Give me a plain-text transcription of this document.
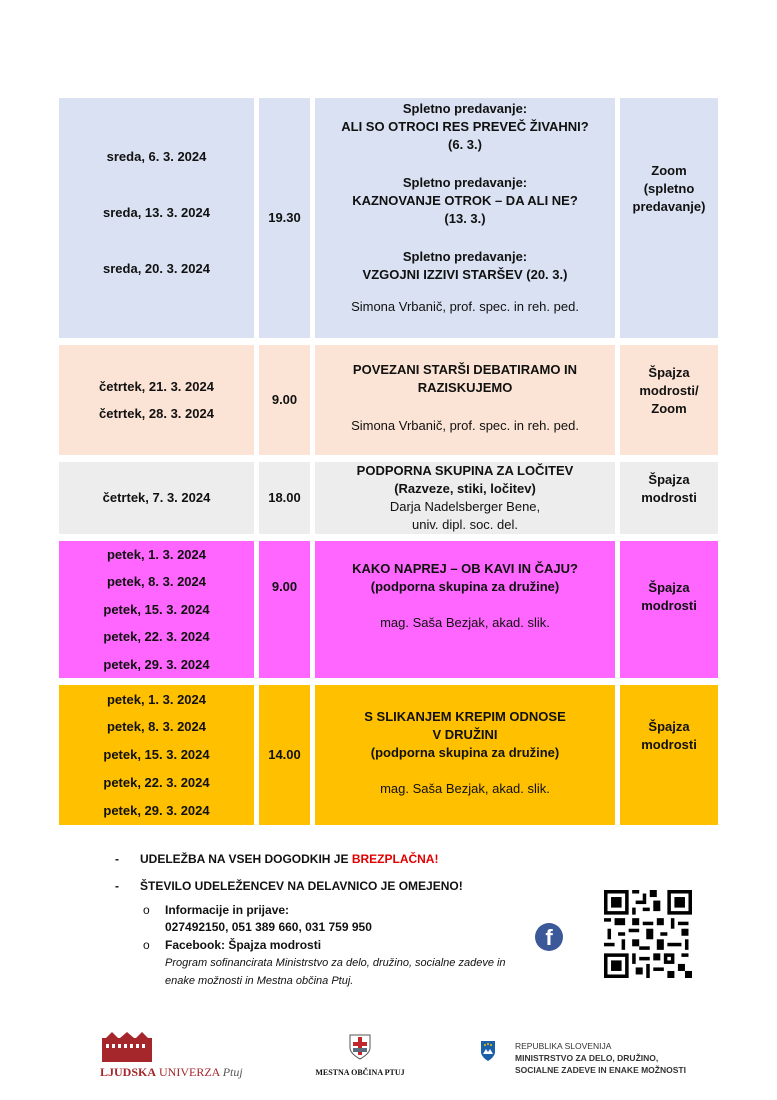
sreda, 6. 3. 2024
sreda, 13. 3. 2024
sreda, 20. 3. 2024
19.30
Spletno predavanje:
ALI SO OTROCI RES PREVEČ ŽIVAHNI?
(6. 3.)
Spletno predavanje:
KAZNOVANJE OTROK – DA ALI NE?
(13. 3.)
Spletno predavanje:
VZGOJNI IZZIVI STARŠEV (20. 3.)
Simona Vrbanič, prof. spec. in reh. ped.
Zoom (spletno predavanje)
četrtek, 21. 3. 2024
četrtek, 28. 3. 2024
9.00
POVEZANI STARŠI DEBATIRAMO IN RAZISKUJEMO
Simona Vrbanič, prof. spec. in reh. ped.
Špajza modrosti/ Zoom
četrtek, 7. 3. 2024	18.00
PODPORNA SKUPINA ZA LOČITEV
(Razveze, stiki, ločitev)
Darja Nadelsberger Bene,
univ. dipl. soc. del.
Špajza modrosti
petek, 1. 3. 2024
petek, 8. 3. 2024
petek, 15. 3. 2024
petek, 22. 3. 2024
petek, 29. 3. 2024
9.00
KAKO NAPREJ – OB KAVI IN ČAJU?
(podporna skupina za družine)
mag. Saša Bezjak, akad. slik.
Špajza modrosti
petek, 1. 3. 2024
petek, 8. 3. 2024
petek, 15. 3. 2024
petek, 22. 3. 2024
petek, 29. 3. 2024
14.00
S SLIKANJEM KREPIM ODNOSE
V DRUŽINI
(podporna skupina za družine)
mag. Saša Bezjak, akad. slik.
Špajza modrosti
- UDELEŽBA NA VSEH DOGODKIH JE BREZPLAČNA!
- ŠTEVILO UDELEŽENCEV NA DELAVNICO JE OMEJENO!
o Informacije in prijave:
027492150, 051 389 660, 031 759 950
o Facebook: Špajza modrosti
Program sofinancirata Ministrstvo za delo, družino, socialne zadeve in
enake možnosti in Mestna občina Ptuj.
f
LJUDSKA UNIVERZA Ptuj	MESTNA OBČINA PTUJ
REPUBLIKA SLOVENIJA
MINISTRSTVO ZA DELO, DRUŽINO,
SOCIALNE ZADEVE IN ENAKE MOŽNOSTI
